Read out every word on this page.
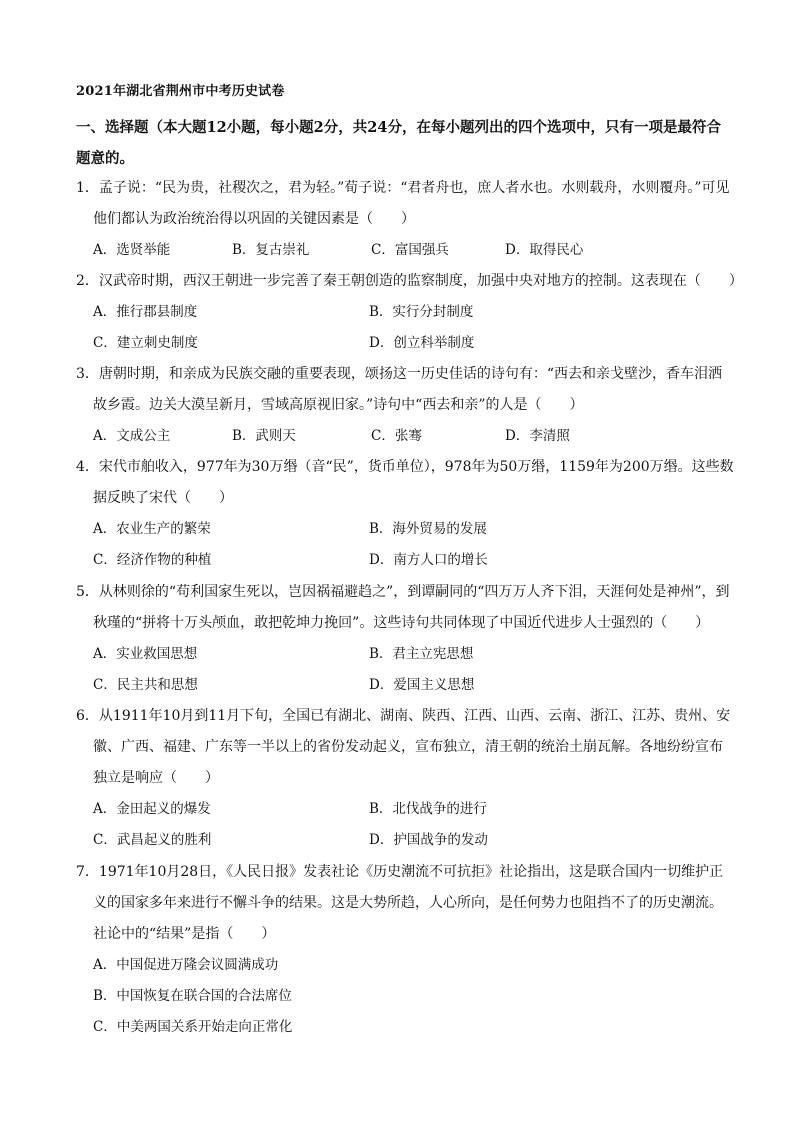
2021年湖北省荆州市中考历史试卷
一、选择题（本大题12小题，每小题2分，共24分，在每小题列出的四个选项中，只有一项是最符合题意的。
1．孟子说：“民为贵，社稷次之，君为轻。”荀子说：“君者舟也，庶人者水也。水则载舟，水则覆舟。”可见他们都认为政治统治得以巩固的关键因素是（　　）
A．选贤举能	B．复古崇礼	C．富国强兵	D．取得民心
2．汉武帝时期，西汉王朝进一步完善了秦王朝创造的监察制度，加强中央对地方的控制。这表现在（　　）
A．推行郡县制度	B．实行分封制度
C．建立刺史制度	D．创立科举制度
3．唐朝时期，和亲成为民族交融的重要表现，颂扬这一历史佳话的诗句有：“西去和亲戈壁沙，香车泪洒故乡霞。边关大漠呈新月，雪域高原视旧家。”诗句中“西去和亲”的人是（　　）
A．文成公主	B．武则天	C．张骞	D．李清照
4．宋代市舶收入，977年为30万缗（音“民”，货币单位），978年为50万缗，1159年为200万缗。这些数据反映了宋代（　　）
A．农业生产的繁荣	B．海外贸易的发展
C．经济作物的种植	D．南方人口的增长
5．从林则徐的“苟利国家生死以，岂因祸福避趋之”，到谭嗣同的“四万万人齐下泪，天涯何处是神州”，到秋瑾的“拼将十万头颅血，敢把乾坤力挽回”。这些诗句共同体现了中国近代进步人士强烈的（　　）
A．实业救国思想	B．君主立宪思想
C．民主共和思想	D．爱国主义思想
6．从1911年10月到11月下旬，全国已有湖北、湖南、陕西、江西、山西、云南、浙江、江苏、贵州、安徽、广西、福建、广东等一半以上的省份发动起义，宣布独立，清王朝的统治土崩瓦解。各地纷纷宣布独立是响应（　　）
A．金田起义的爆发	B．北伐战争的进行
C．武昌起义的胜利	D．护国战争的发动
7．1971年10月28日，《人民日报》发表社论《历史潮流不可抗拒》社论指出，这是联合国内一切维护正义的国家多年来进行不懈斗争的结果。这是大势所趋，人心所向，是任何势力也阻挡不了的历史潮流。社论中的“结果”是指（　　）
A．中国促进万隆会议圆满成功
B．中国恢复在联合国的合法席位
C．中美两国关系开始走向正常化
